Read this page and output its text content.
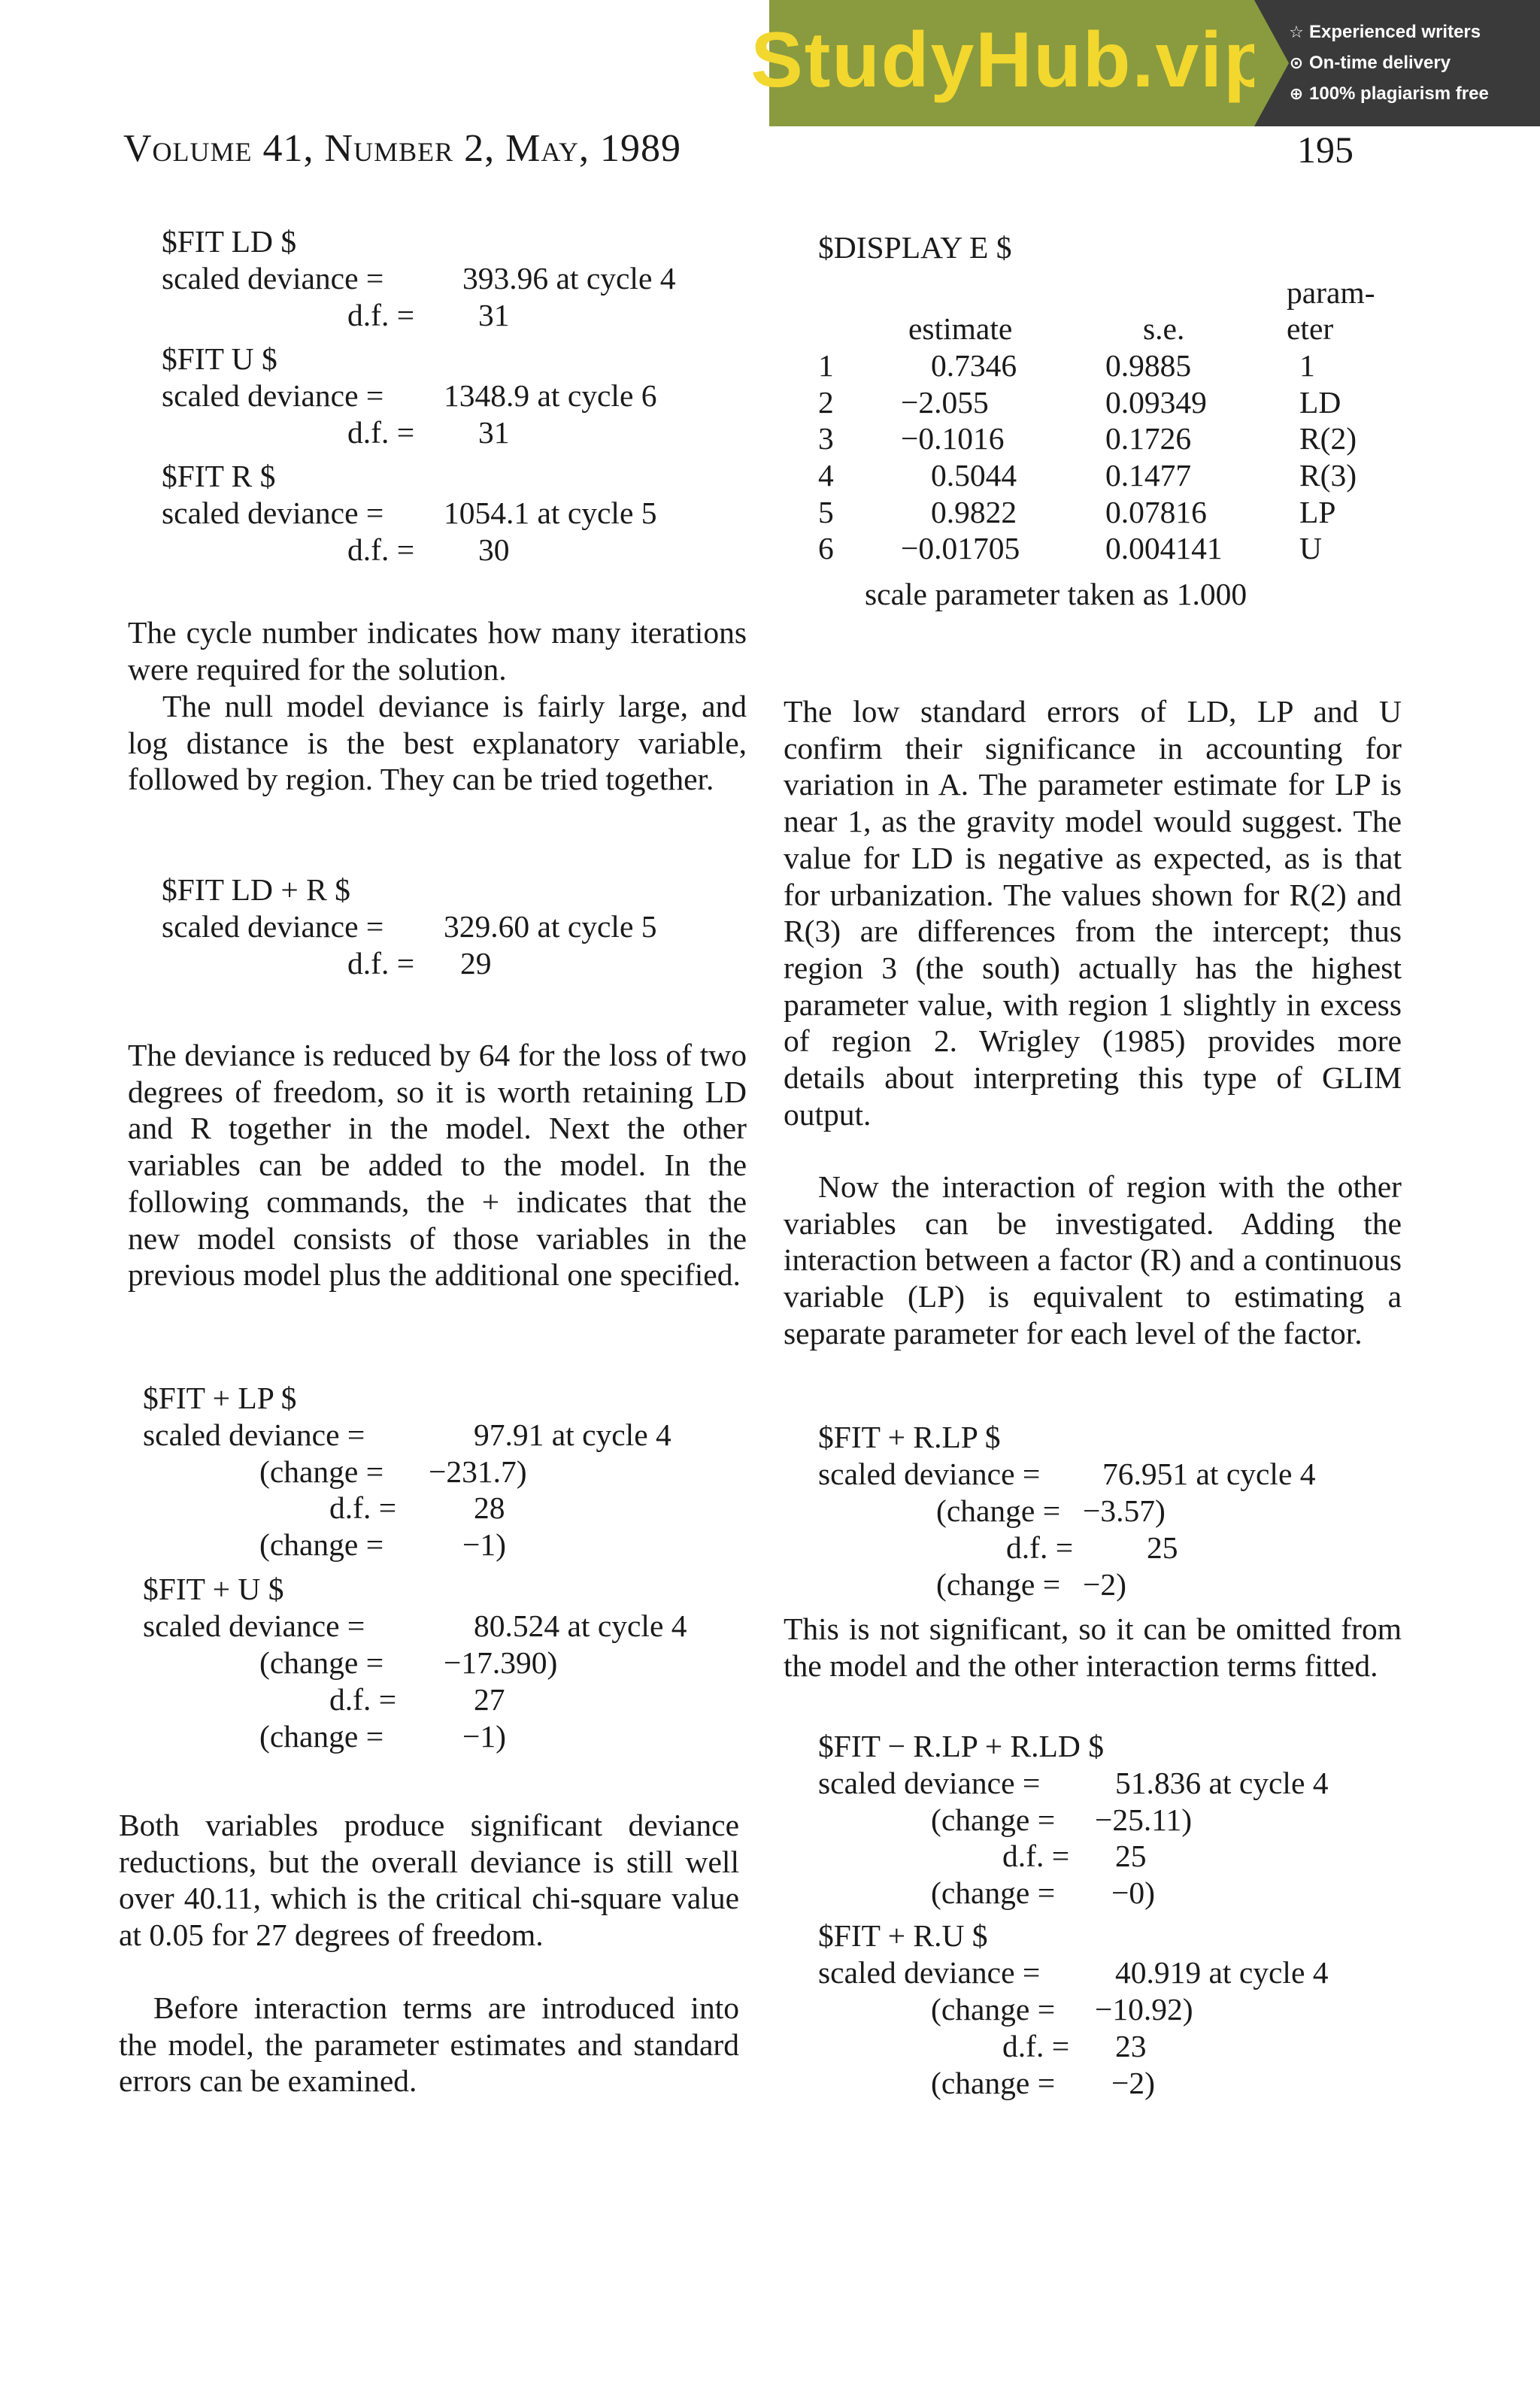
StudyHub.vip ☆ Experienced writers
⊙ On-time delivery
⊕ 100% plagiarism free
Volume 41, Number 2, May, 1989	195
$FIT LD $
scaled deviance =	393.96 at cycle 4
d.f. = 31
$FIT U $
scaled deviance = 1348.9 at cycle 6
d.f. = 31
$FIT R $
scaled deviance = 1054.1 at cycle 5
d.f. = 30
The cycle number indicates how many iterations were required for the solution.
The null model deviance is fairly large, and log distance is the best explanatory variable, followed by region. They can be tried together.
$FIT LD + R $
scaled deviance = 329.60 at cycle 5
d.f. = 29
The deviance is reduced by 64 for the loss of two degrees of freedom, so it is worth retaining LD and R together in the model. Next the other variables can be added to the model. In the following commands, the + indicates that the new model consists of those variables in the previous model plus the additional one specified.
$FIT + LP $
scaled deviance =	97.91 at cycle 4
(change = −231.7)
d.f. = 28
(change =	−1)
$FIT + U $
scaled deviance =	80.524 at cycle 4
(change = −17.390)
d.f. = 27
(change =	−1)
Both variables produce significant deviance reductions, but the overall deviance is still well over 40.11, which is the critical chi-square value at 0.05 for 27 degrees of freedom.
Before interaction terms are introduced into the model, the parameter estimates and standard errors can be examined.
$DISPLAY E $
param-
estimate	s.e.	eter
1	0.7346	0.9885	1
2 −2.055	0.09349	LD
3 −0.1016	0.1726	R(2)
4	0.5044	0.1477	R(3)
5	0.9822	0.07816	LP
6 −0.01705	0.004141 U
scale parameter taken as 1.000
The low standard errors of LD, LP and U confirm their significance in accounting for variation in A. The parameter estimate for LP is near 1, as the gravity model would suggest. The value for LD is negative as expected, as is that for urbanization. The values shown for R(2) and R(3) are differences from the intercept; thus region 3 (the south) actually has the highest parameter value, with region 1 slightly in excess of region 2. Wrigley (1985) provides more details about interpreting this type of GLIM output.
Now the interaction of region with the other variables can be investigated. Adding the interaction between a factor (R) and a continuous variable (LP) is equivalent to estimating a separate parameter for each level of the factor.
$FIT + R.LP $
scaled deviance = 76.951 at cycle 4
(change = −3.57)
d.f. = 25
(change = −2)
This is not significant, so it can be omitted from the model and the other interaction terms fitted.
$FIT − R.LP + R.LD $
scaled deviance = 51.836 at cycle 4
(change = −25.11)
d.f. = 25
(change = −0)
$FIT + R.U $
scaled deviance = 40.919 at cycle 4
(change = −10.92)
d.f. = 23
(change = −2)
